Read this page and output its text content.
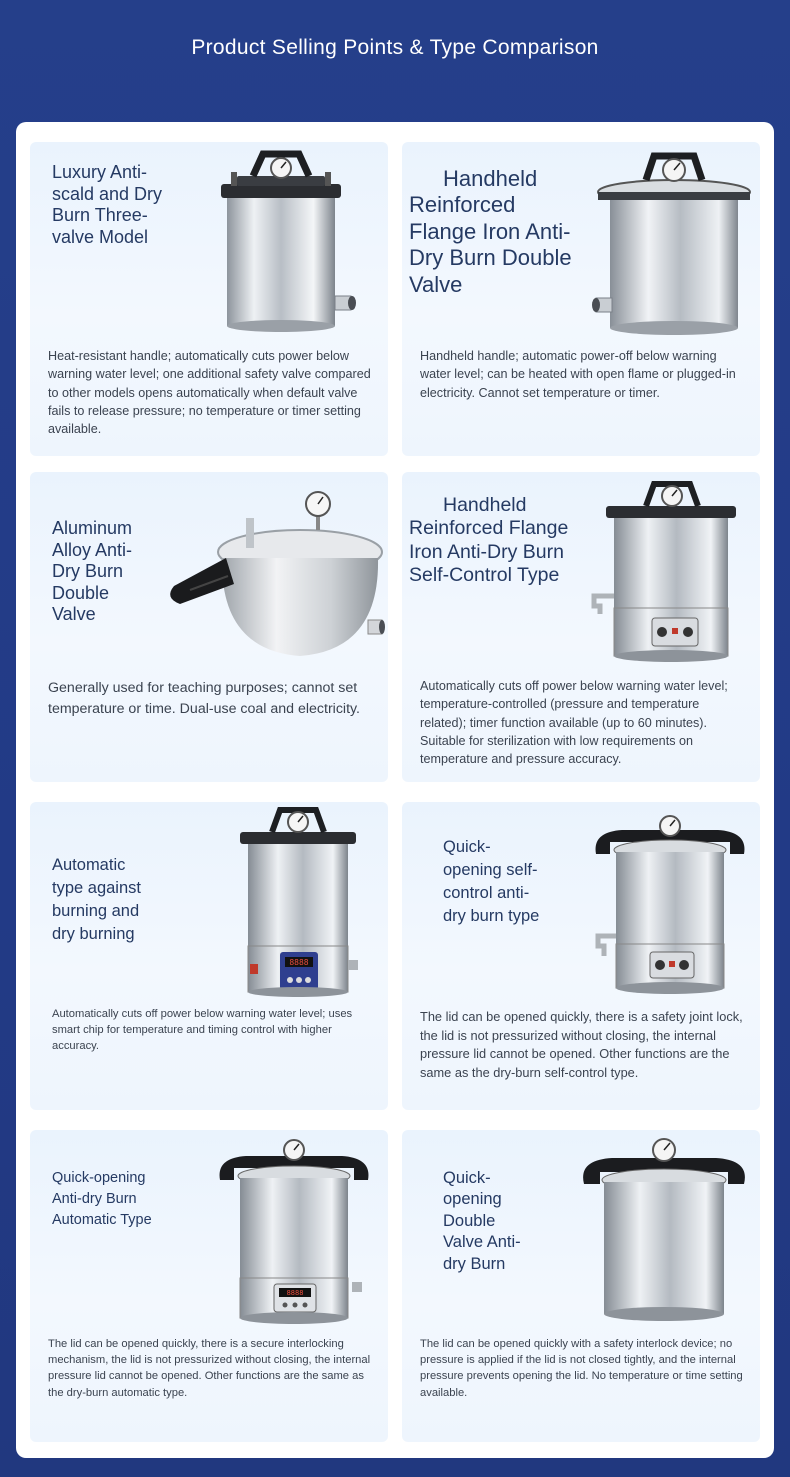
Product Selling Points & Type Comparison
Luxury Anti-scald and Dry Burn Three-valve Model
Heat-resistant handle; automatically cuts power below warning water level; one additional safety valve compared to other models opens automatically when default valve fails to release pressure; no temperature or timer setting available.
Handheld Reinforced Flange Iron Anti-Dry Burn Double Valve
Handheld handle; automatic power-off below warning water level; can be heated with open flame or plugged-in electricity. Cannot set temperature or timer.
Aluminum Alloy Anti-Dry Burn Double Valve
Generally used for teaching purposes; cannot set temperature or time. Dual-use coal and electricity.
Handheld Reinforced Flange Iron Anti-Dry Burn Self-Control Type
Automatically cuts off power below warning water level; temperature-controlled (pressure and temperature related); timer function available (up to 60 minutes). Suitable for sterilization with low requirements on temperature and pressure accuracy.
Automatic type against burning and dry burning
8888
Automatically cuts off power below warning water level; uses smart chip for temperature and timing control with higher accuracy.
Quick-opening self-control anti-dry burn type
The lid can be opened quickly, there is a safety joint lock, the lid is not pressurized without closing, the internal pressure lid cannot be opened. Other functions are the same as the dry-burn self-control type.
Quick-opening Anti-dry Burn Automatic Type
8888
The lid can be opened quickly, there is a secure interlocking mechanism, the lid is not pressurized without closing, the internal pressure lid cannot be opened. Other functions are the same as the dry-burn automatic type.
Quick-opening Double Valve Anti-dry Burn
The lid can be opened quickly with a safety interlock device; no pressure is applied if the lid is not closed tightly, and the internal pressure prevents opening the lid. No temperature or time setting available.
